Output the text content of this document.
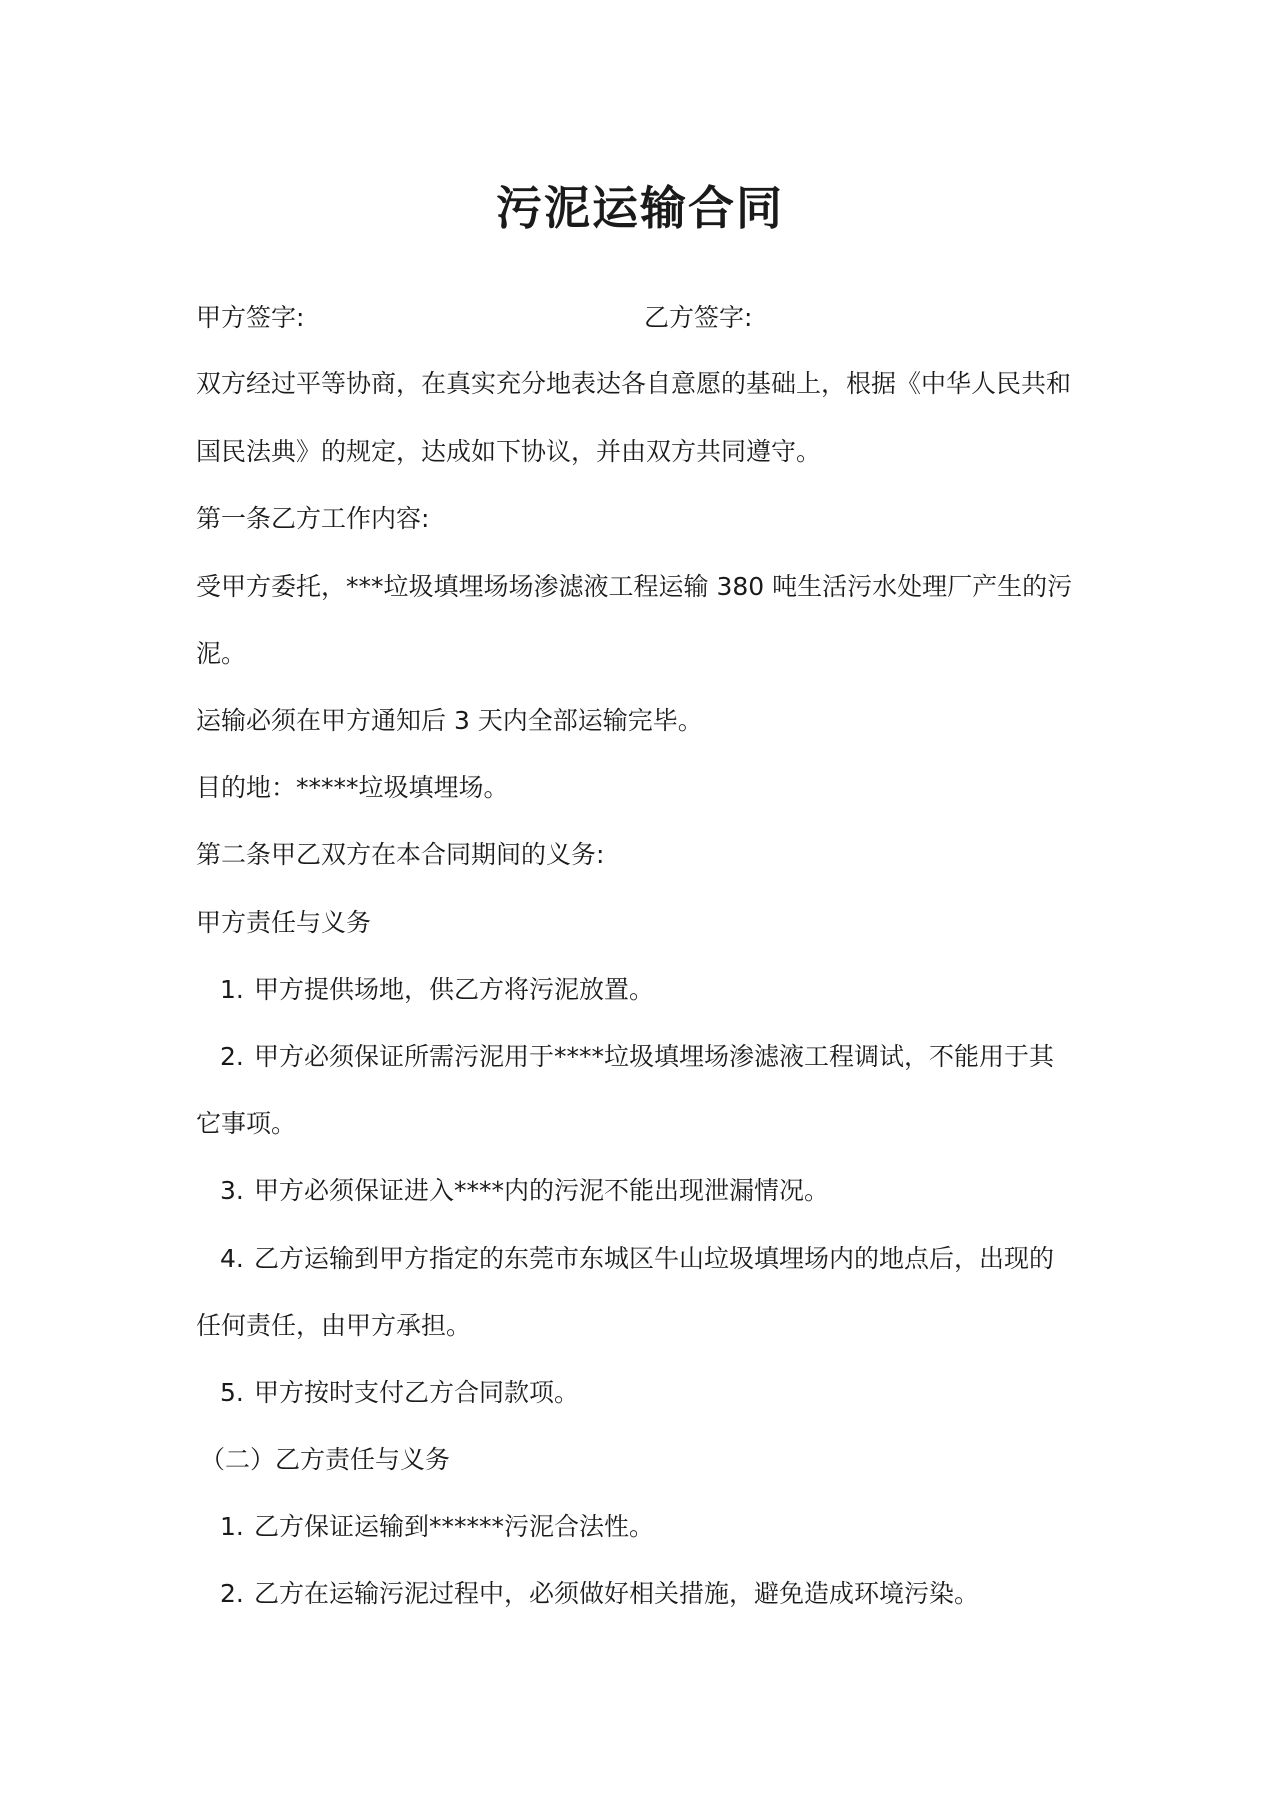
污泥运输合同
甲方签字:	乙方签字:
双方经过平等协商，在真实充分地表达各自意愿的基础上，根据《中华人民共和
国民法典》的规定，达成如下协议，并由双方共同遵守。
第一条乙方工作内容:
受甲方委托，***垃圾填埋场场渗滤液工程运输 380 吨生活污水处理厂产生的污
泥。
运输必须在甲方通知后 3 天内全部运输完毕。
目的地：*****垃圾填埋场。
第二条甲乙双方在本合同期间的义务:
甲方责任与义务
1. 甲方提供场地，供乙方将污泥放置。
2. 甲方必须保证所需污泥用于****垃圾填埋场渗滤液工程调试，不能用于其
它事项。
3. 甲方必须保证进入****内的污泥不能出现泄漏情况。
4. 乙方运输到甲方指定的东莞市东城区牛山垃圾填埋场内的地点后，出现的
任何责任，由甲方承担。
5. 甲方按时支付乙方合同款项。
（二）乙方责任与义务
1. 乙方保证运输到******污泥合法性。
2. 乙方在运输污泥过程中，必须做好相关措施，避免造成环境污染。
